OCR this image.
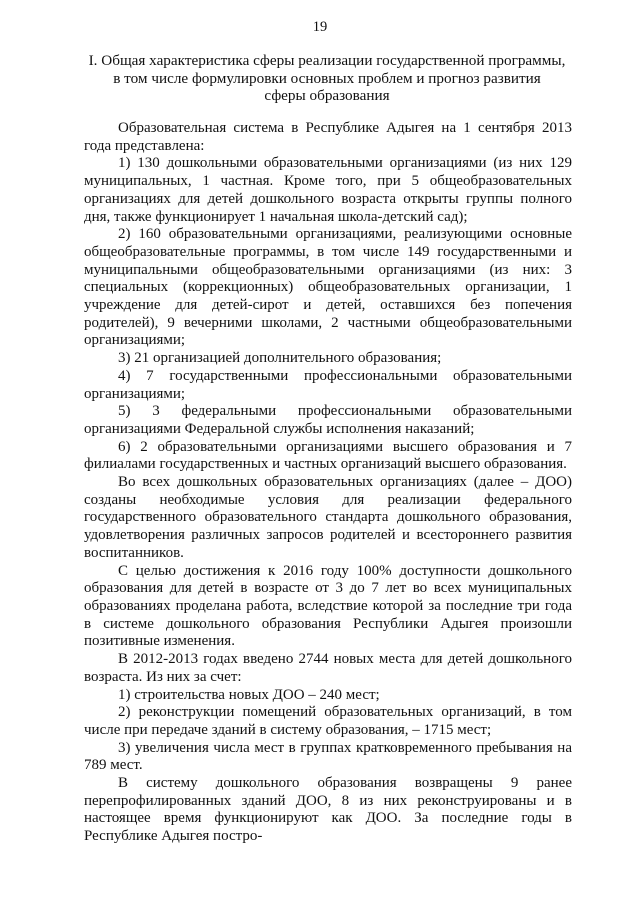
19
I. Общая характеристика сферы реализации государственной программы,
в том числе формулировки основных проблем и прогноз развития
сферы образования

Образовательная система в Республике Адыгея на 1 сентября 2013 года представлена:

1) 130 дошкольными образовательными организациями (из них 129 муниципальных, 1 частная. Кроме того, при 5 общеобразовательных организациях для детей дошкольного возраста открыты группы полного дня, также функционирует 1 начальная школа-детский сад);

2) 160 образовательными организациями, реализующими основные общеобразовательные программы, в том числе 149 государственными и муниципальными общеобразовательными организациями (из них: 3 специальных (коррекционных) общеобразовательных организации, 1 учреждение для детей-сирот и детей, оставшихся без попечения родителей), 9 вечерними школами, 2 частными общеобразовательными организациями;

3) 21 организацией дополнительного образования;

4) 7 государственными профессиональными образовательными организациями;

5) 3 федеральными профессиональными образовательными организациями Федеральной службы исполнения наказаний;

6) 2 образовательными организациями высшего образования и 7 филиалами государственных и частных организаций высшего образования.

Во всех дошкольных образовательных организациях (далее – ДОО) созданы необходимые условия для реализации федерального государственного образовательного стандарта дошкольного образования, удовлетворения различных запросов родителей и всестороннего развития воспитанников.

С целью достижения к 2016 году 100% доступности дошкольного образования для детей в возрасте от 3 до 7 лет во всех муниципальных образованиях проделана работа, вследствие которой за последние три года в системе дошкольного образования Республики Адыгея произошли позитивные изменения.

В 2012-2013 годах введено 2744 новых места для детей дошкольного возраста. Из них за счет:

1) строительства новых ДОО – 240 мест;

2) реконструкции помещений образовательных организаций, в том числе при передаче зданий в систему образования, – 1715 мест;

3) увеличения числа мест в группах кратковременного пребывания на 789 мест.

В систему дошкольного образования возвращены 9 ранее перепрофилированных зданий ДОО, 8 из них реконструированы и в настоящее время функционируют как ДОО. За последние годы в Республике Адыгея постро-
